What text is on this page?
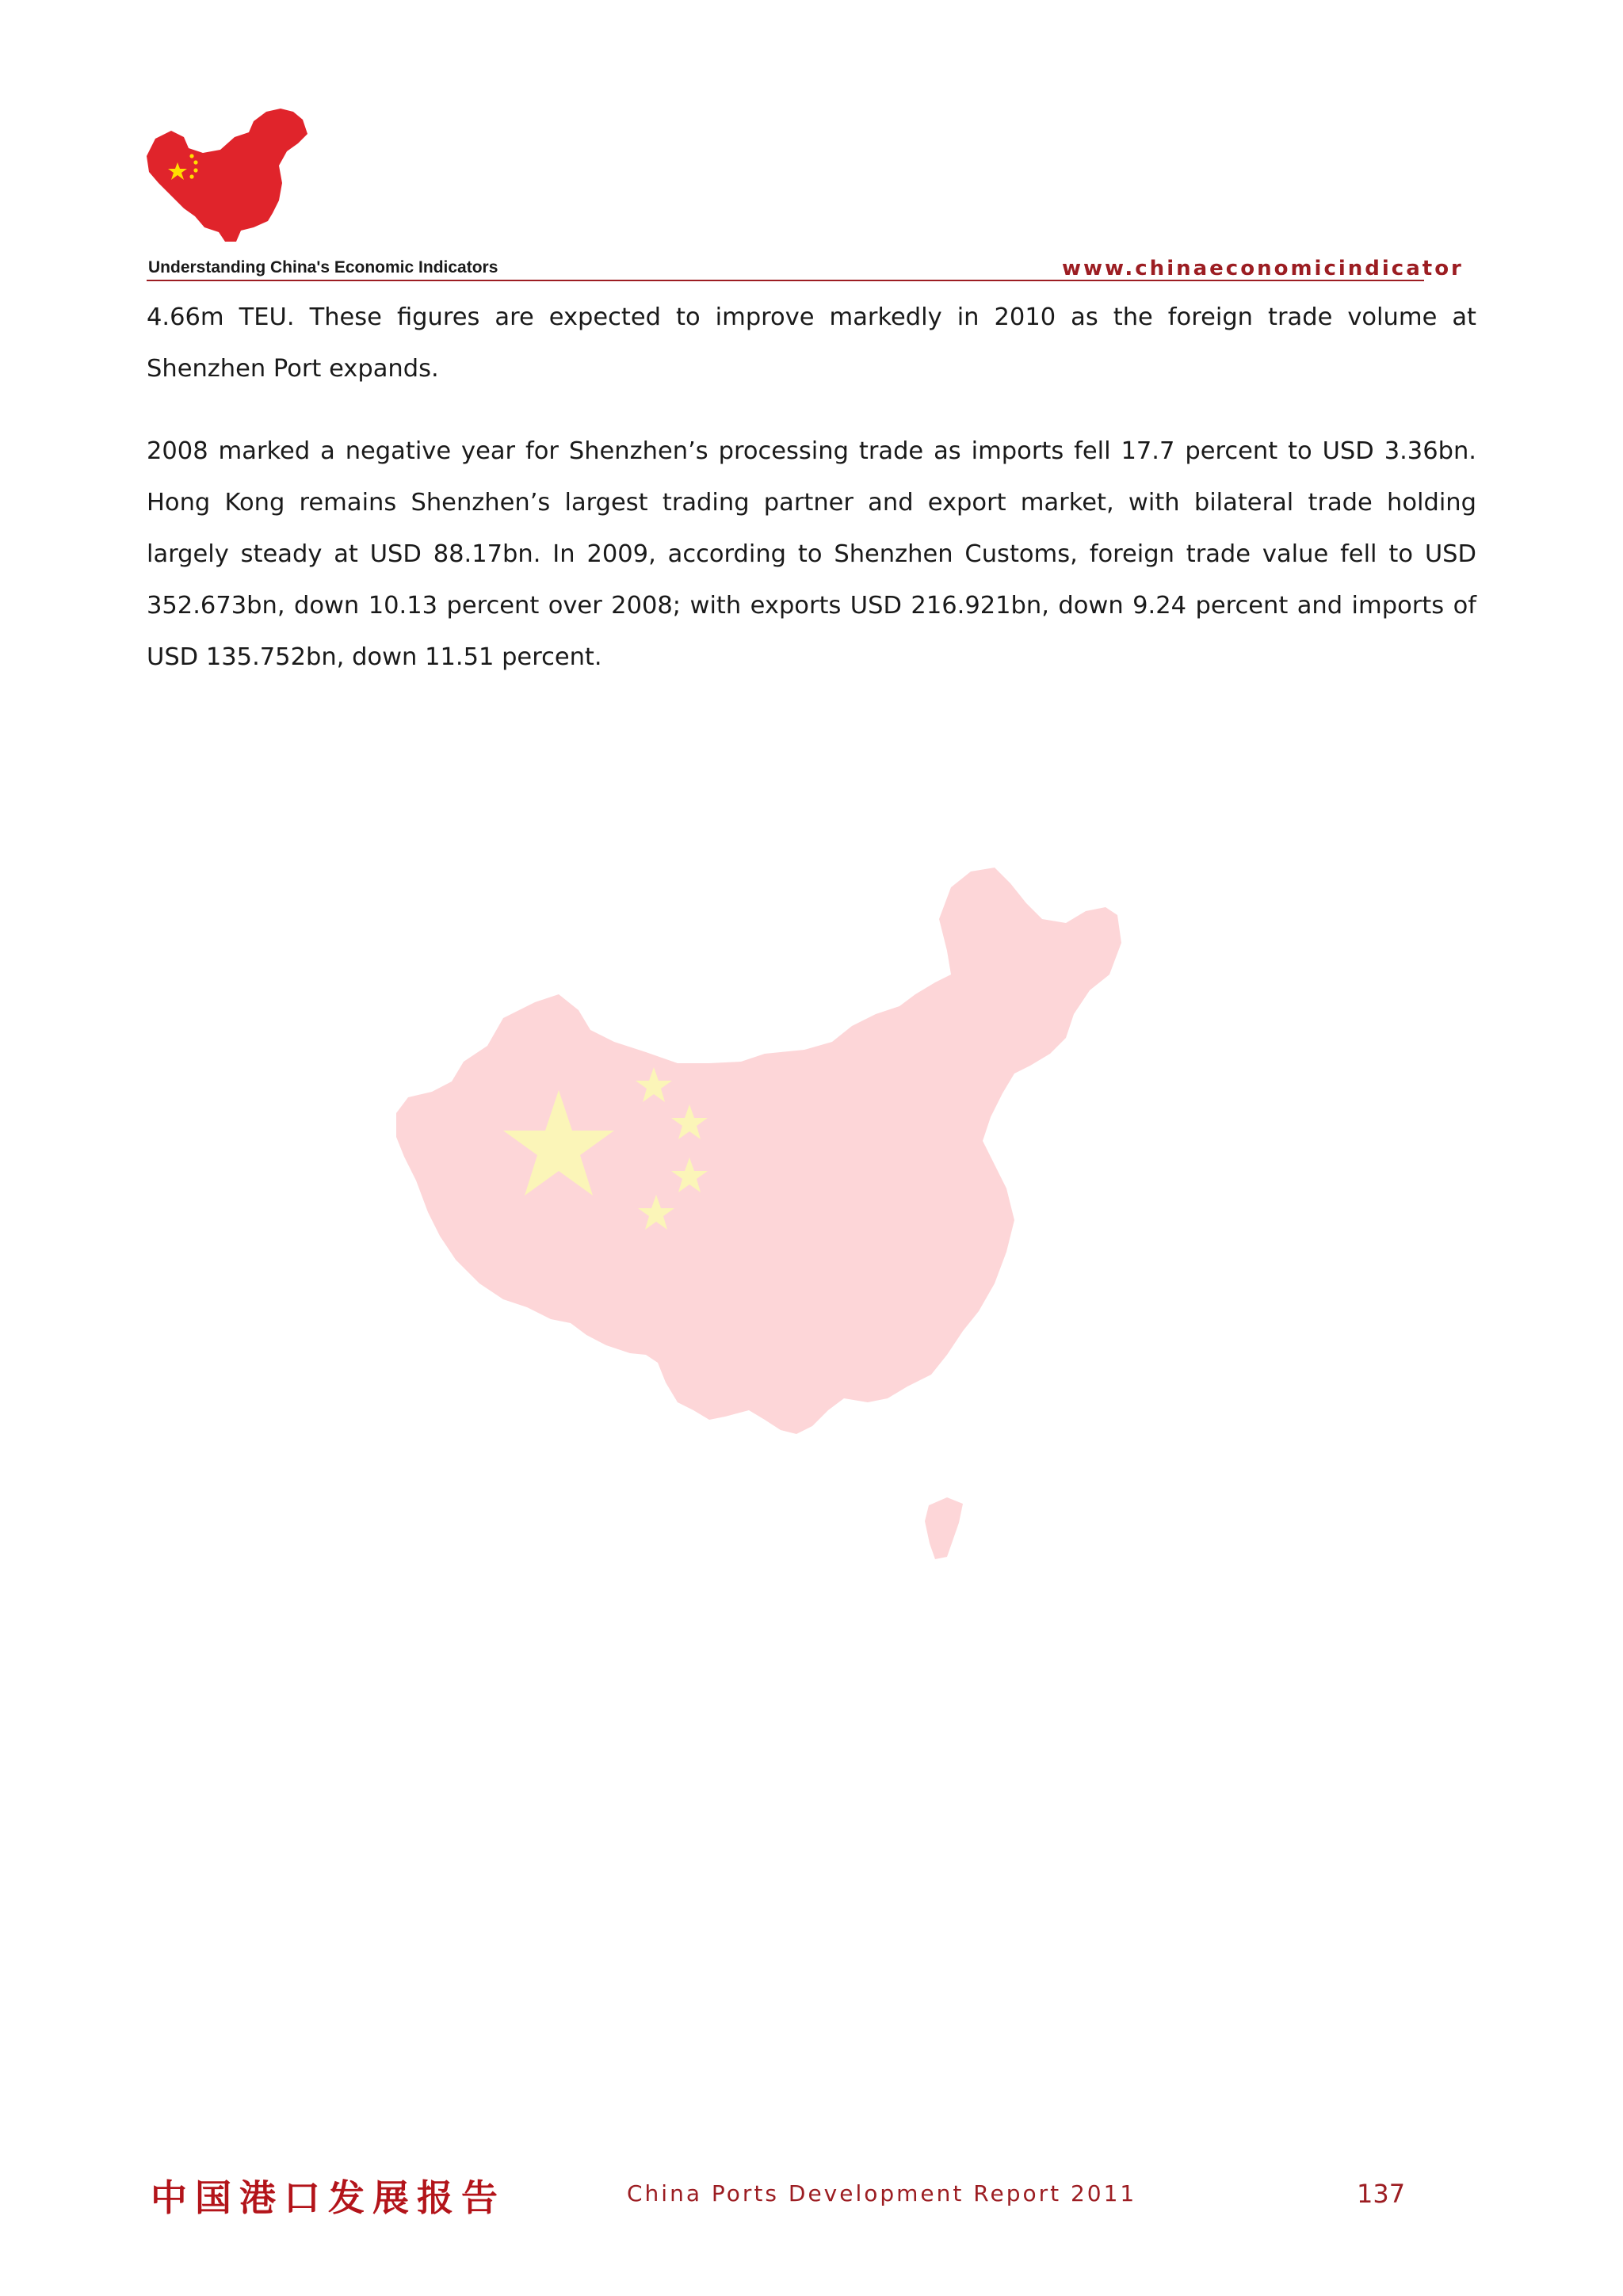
Understanding China's Economic Indicators	www.chinaeconomicindicator

4.66m TEU. These figures are expected to improve markedly in 2010 as the foreign trade volume at Shenzhen Port expands.

2008 marked a negative year for Shenzhen’s processing trade as imports fell 17.7 percent to USD 3.36bn. Hong Kong remains Shenzhen’s largest trading partner and export market, with bilateral trade holding largely steady at USD 88.17bn. In 2009, according to Shenzhen Customs, foreign trade value fell to USD 352.673bn, down 10.13 percent over 2008; with exports USD 216.921bn, down 9.24 percent and imports of USD 135.752bn, down 11.51 percent.

中国港口发展报告	China Ports Development Report 2011	137
